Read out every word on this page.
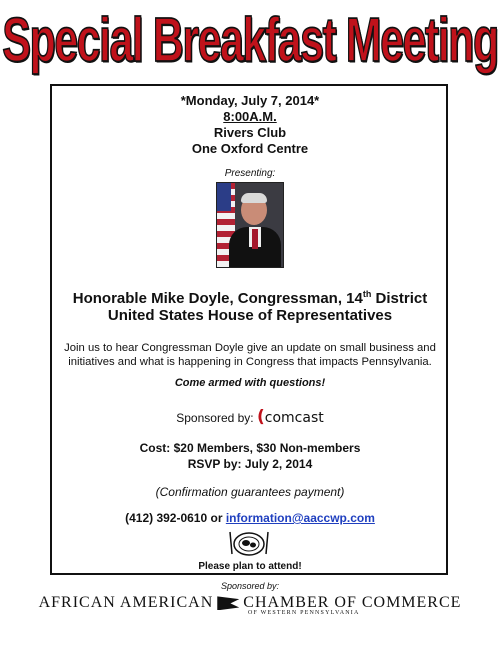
Special Breakfast Meeting
*Monday, July 7, 2014*
8:00A.M.
Rivers Club
One Oxford Centre
Presenting:
Honorable Mike Doyle, Congressman, 14th District
United States House of Representatives
Join us to hear Congressman Doyle give an update on small business and
initiatives and what is happening in Congress that impacts Pennsylvania.
Come armed with questions!
Sponsored by: (comcast
Cost: $20 Members, $30 Non-members
RSVP by: July 2, 2014
(Confirmation guarantees payment)
(412) 392-0610 or information@aaccwp.com
Please plan to attend!
Sponsored by:
AFRICAN AMERICAN CHAMBER OF COMMERCE
OF WESTERN PENNSYLVANIA
